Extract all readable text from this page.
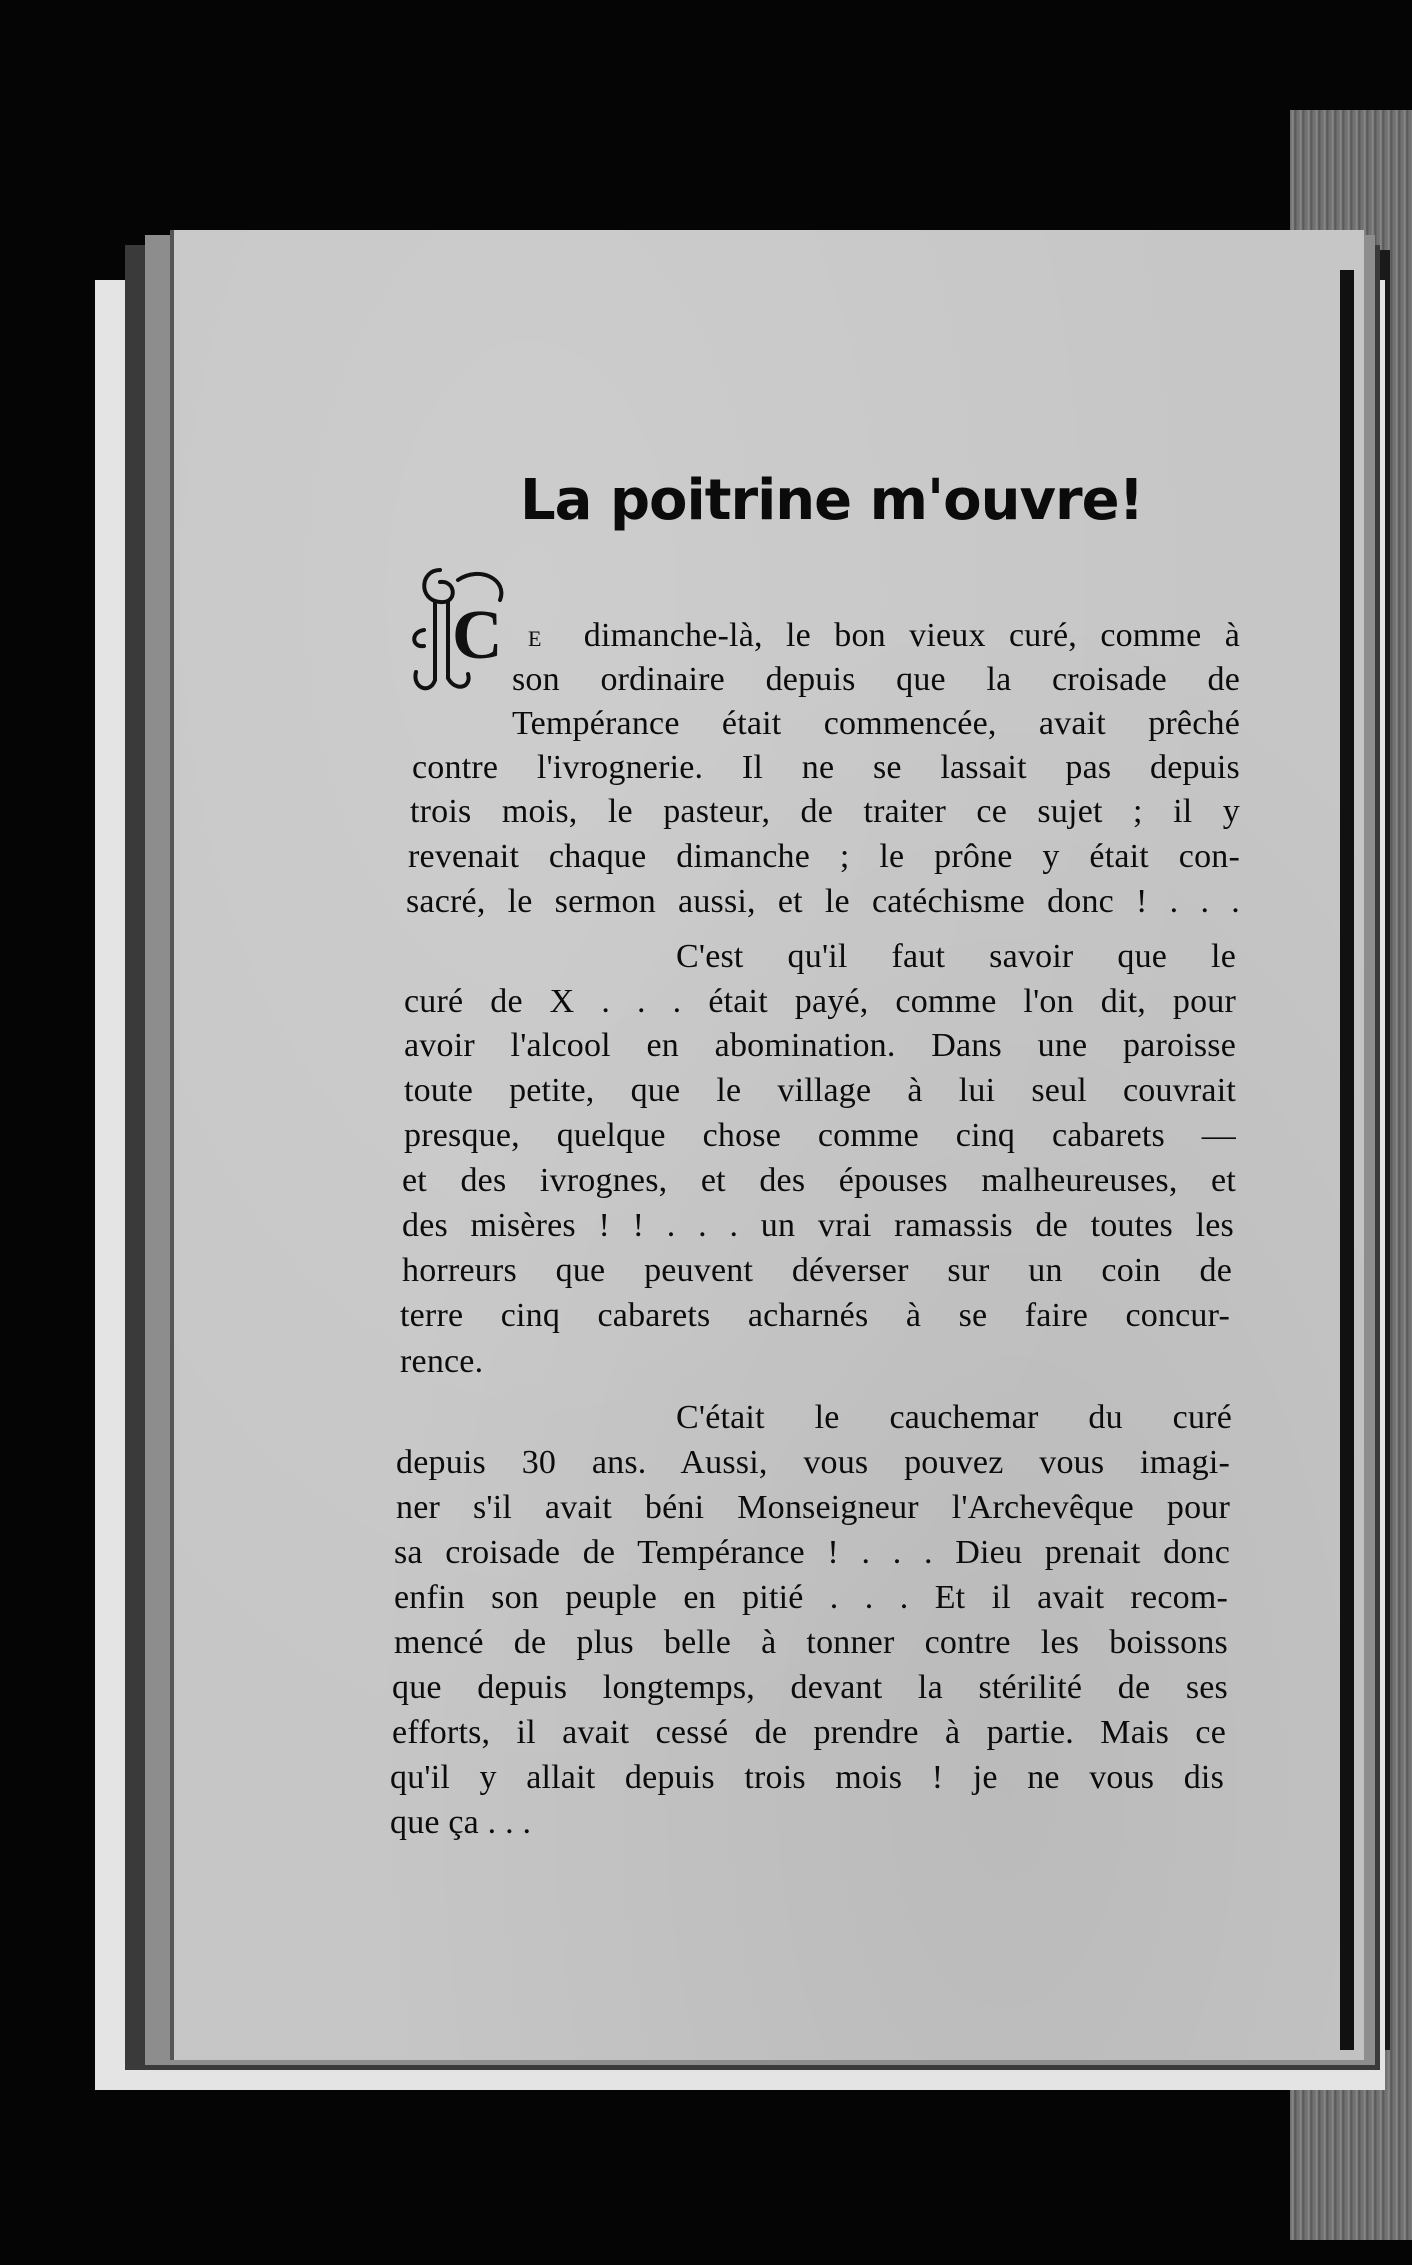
La poitrine m'ouvre!
C E dimanche-là, le bon vieux curé, comme à
son ordinaire depuis que la croisade de
Tempérance était commencée, avait prêché
contre l'ivrognerie. Il ne se lassait pas depuis
trois mois, le pasteur, de traiter ce sujet ; il y
revenait chaque dimanche ; le prône y était con-
sacré, le sermon aussi, et le catéchisme donc ! . . .
C'est qu'il faut savoir que le
curé de X . . . était payé, comme l'on dit, pour
avoir l'alcool en abomination. Dans une paroisse
toute petite, que le village à lui seul couvrait
presque, quelque chose comme cinq cabarets —
et des ivrognes, et des épouses malheureuses, et
des misères ! ! . . . un vrai ramassis de toutes les
horreurs que peuvent déverser sur un coin de
terre cinq cabarets acharnés à se faire concur-
rence.
C'était le cauchemar du curé
depuis 30 ans. Aussi, vous pouvez vous imagi-
ner s'il avait béni Monseigneur l'Archevêque pour
sa croisade de Tempérance ! . . . Dieu prenait donc
enfin son peuple en pitié . . . Et il avait recom-
mencé de plus belle à tonner contre les boissons
que depuis longtemps, devant la stérilité de ses
efforts, il avait cessé de prendre à partie. Mais ce
qu'il y allait depuis trois mois ! je ne vous dis
que ça . . .
